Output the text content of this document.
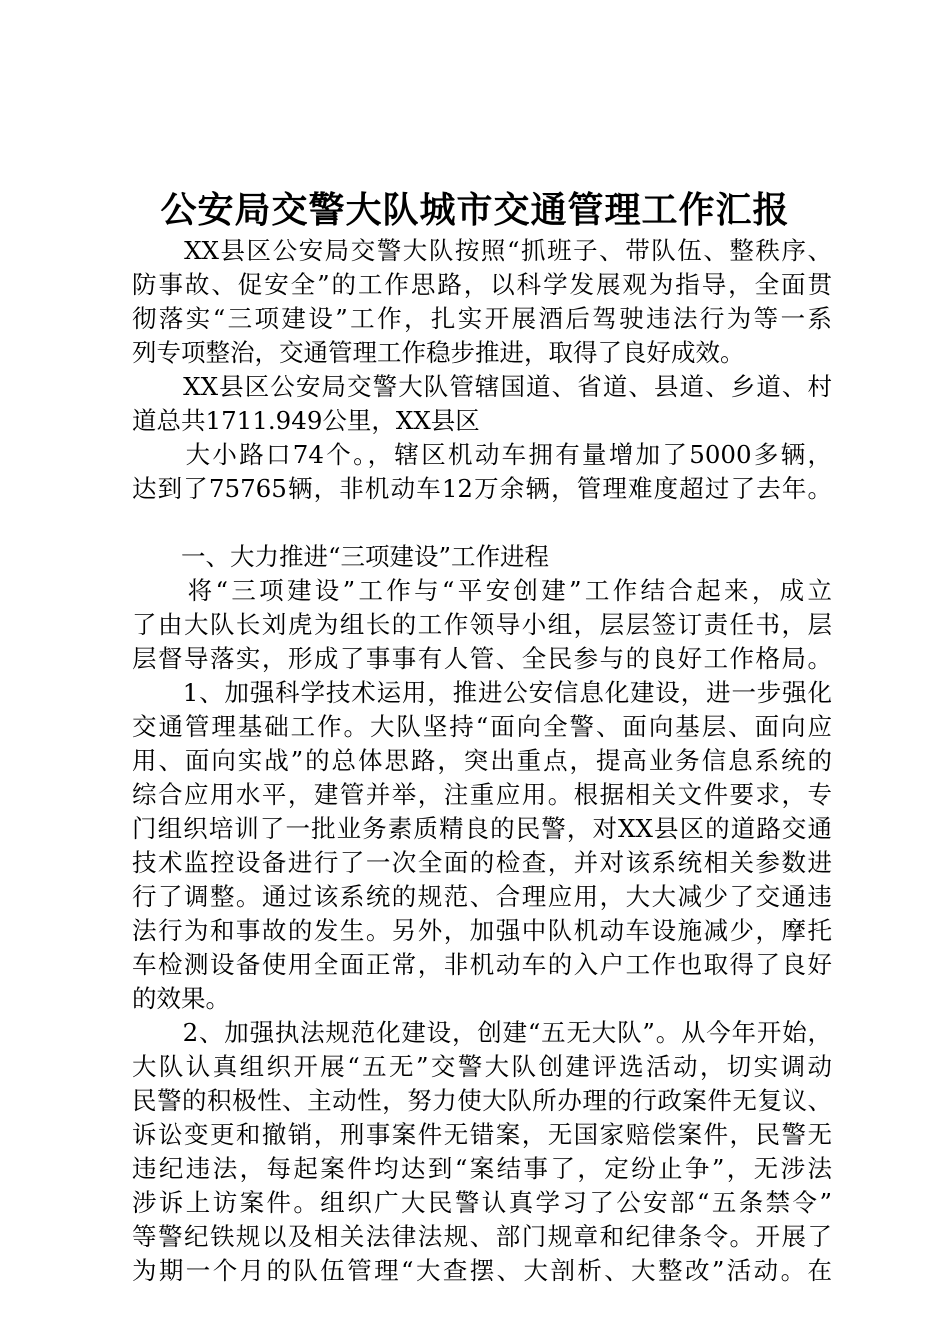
公安局交警大队城市交通管理工作汇报

　　XX县区公安局交警大队按照“抓班子、带队伍、整秩序、

防事故、促安全”的工作思路，以科学发展观为指导，全面贯

彻落实“三项建设”工作，扎实开展酒后驾驶违法行为等一系

列专项整治，交通管理工作稳步推进，取得了良好成效。

　　XX县区公安局交警大队管辖国道、省道、县道、乡道、村

道总共1711.949公里，XX县区

　　大小路口74个。，辖区机动车拥有量增加了5000多辆，

达到了75765辆，非机动车12万余辆，管理难度超过了去年。

　　一、大力推进“三项建设”工作进程

　　将“三项建设”工作与“平安创建”工作结合起来，成立

了由大队长刘虎为组长的工作领导小组，层层签订责任书，层

层督导落实，形成了事事有人管、全民参与的良好工作格局。

　　1、加强科学技术运用，推进公安信息化建设，进一步强化

交通管理基础工作。大队坚持“面向全警、面向基层、面向应

用、面向实战”的总体思路，突出重点，提高业务信息系统的

综合应用水平，建管并举，注重应用。根据相关文件要求，专

门组织培训了一批业务素质精良的民警，对XX县区的道路交通

技术监控设备进行了一次全面的检查，并对该系统相关参数进

行了调整。通过该系统的规范、合理应用，大大减少了交通违

法行为和事故的发生。另外，加强中队机动车设施减少，摩托

车检测设备使用全面正常，非机动车的入户工作也取得了良好

的效果。

　　2、加强执法规范化建设，创建“五无大队”。从今年开始，

大队认真组织开展“五无”交警大队创建评选活动，切实调动

民警的积极性、主动性，努力使大队所办理的行政案件无复议、

诉讼变更和撤销，刑事案件无错案，无国家赔偿案件，民警无

违纪违法，每起案件均达到“案结事了，定纷止争”，无涉法

涉诉上访案件。组织广大民警认真学习了公安部“五条禁令”

等警纪铁规以及相关法律法规、部门规章和纪律条令。开展了

为期一个月的队伍管理“大查摆、大剖析、大整改”活动。在
